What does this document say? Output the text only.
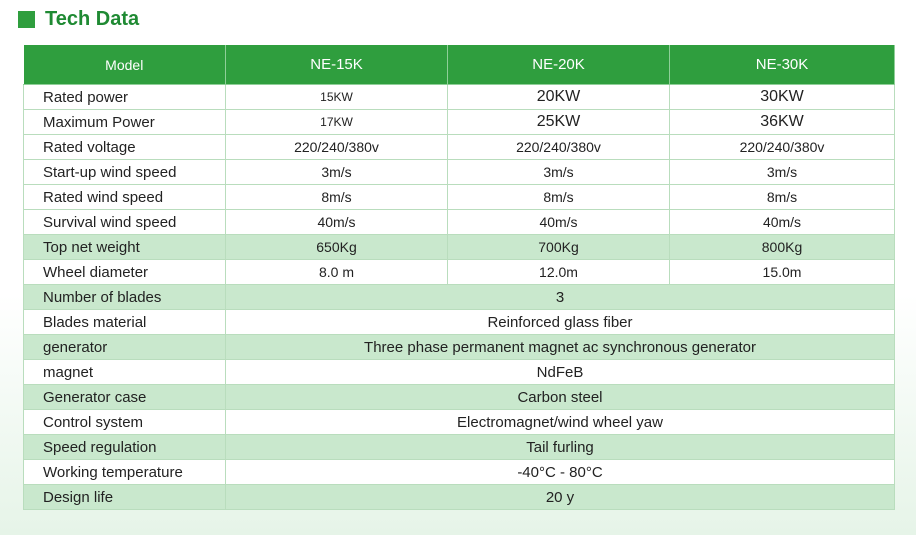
Tech Data
Model	NE-15K	NE-20K	NE-30K
Rated power	15KW	20KW	30KW
Maximum Power	17KW	25KW	36KW
Rated voltage	220/240/380v	220/240/380v	220/240/380v
Start-up wind speed	3m/s	3m/s	3m/s
Rated wind speed	8m/s	8m/s	8m/s
Survival wind speed	40m/s	40m/s	40m/s
Top net weight	650Kg	700Kg	800Kg
Wheel diameter	8.0 m	12.0m	15.0m
Number of blades	3		
Blades material	Reinforced glass fiber		
generator	Three phase permanent magnet ac synchronous generator		
magnet	NdFeB		
Generator case	Carbon steel		
Control system	Electromagnet/wind wheel yaw		
Speed regulation	Tail furling		
Working temperature	-40°C - 80°C		
Design life	20 y		
